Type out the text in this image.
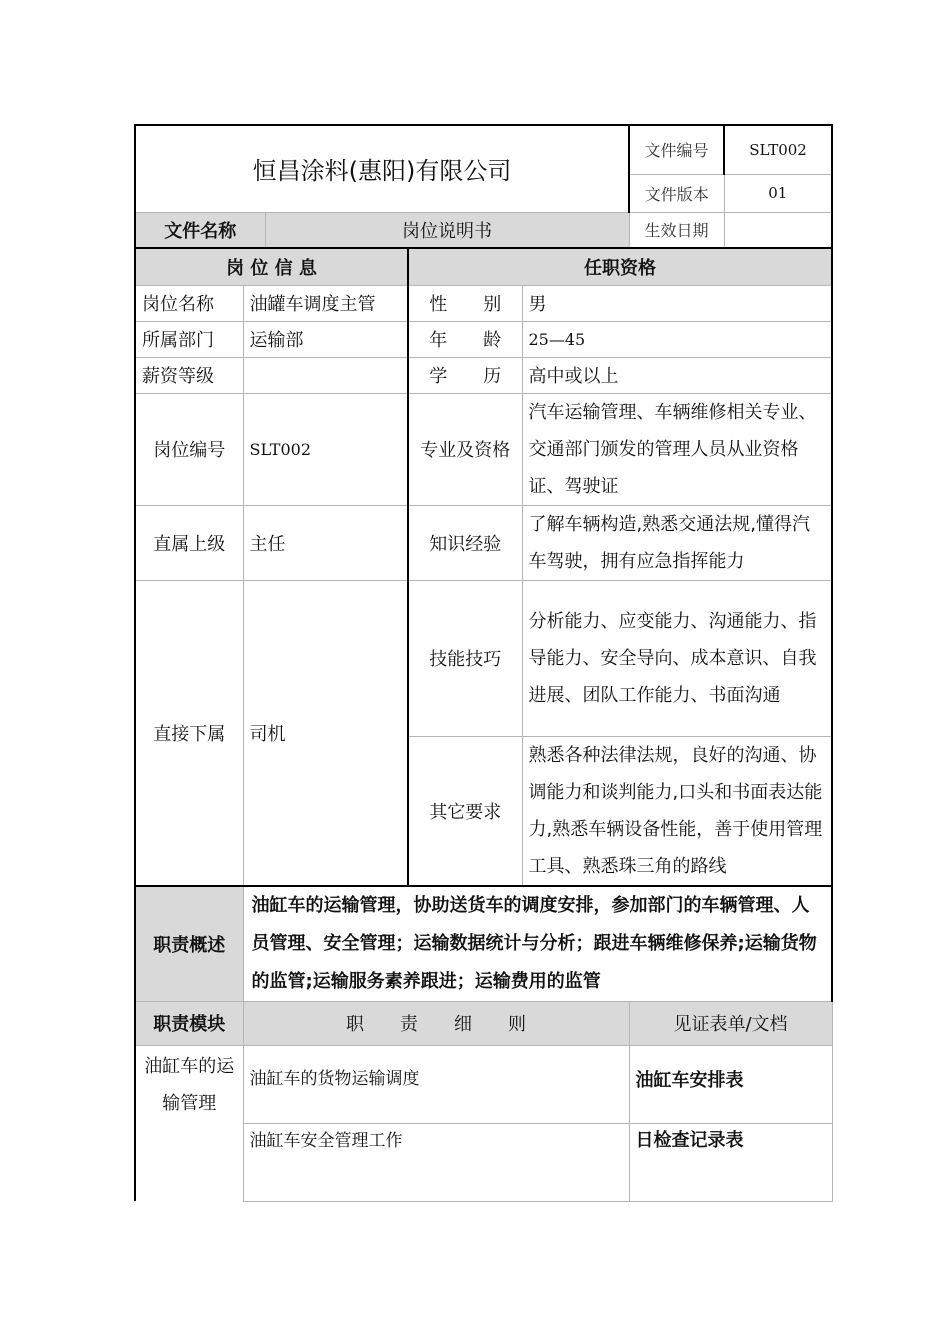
恒昌涂料(惠阳)有限公司					文件编号	SLT002
					文件版本	01
文件名称		岗位说明书			生效日期	
岗 位 信 息			任职资格			
岗位名称	油罐车调度主管		性　　别	男		
所属部门	运输部		年　　龄	25—45		
薪资等级			学　　历	高中或以上		
岗位编号	SLT002		专业及资格	汽车运输管理、车辆维修相关专业、交通部门颁发的管理人员从业资格证、驾驶证		
直属上级	主任		知识经验	了解车辆构造,熟悉交通法规,懂得汽车驾驶，拥有应急指挥能力		
直接下属	司机		技能技巧	分析能力、应变能力、沟通能力、指导能力、安全导向、成本意识、自我进展、团队工作能力、书面沟通		
			其它要求	熟悉各种法律法规，良好的沟通、协调能力和谈判能力,口头和书面表达能力,熟悉车辆设备性能，善于使用管理工具、熟悉珠三角的路线		
职责概述	油缸车的运输管理，协助送货车的调度安排，参加部门的车辆管理、人员管理、安全管理；运输数据统计与分析；跟进车辆维修保养;运输货物的监管;运输服务素养跟进；运输费用的监管					
职责模块	职　　责　　细　　则				见证表单/文档	
油缸车的运输管理	油缸车的货物运输调度				油缸车安排表	
	油缸车安全管理工作				日检查记录表	
